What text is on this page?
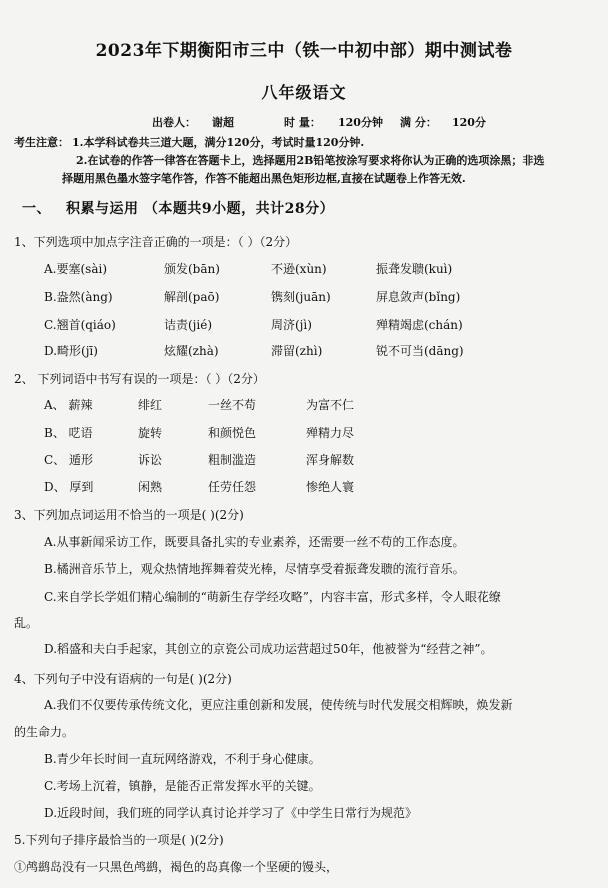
2023年下期衡阳市三中（铁一中初中部）期中测试卷
八年级语文
出卷人： 谢超	时 量： 120分钟 满 分： 120分
考生注意： 1.本学科试卷共三道大题，满分120分，考试时量120分钟.
2.在试卷的作答一律答在答题卡上，选择题用2B铅笔按涂写要求将你认为正确的选项涂黑；非选
择题用黑色墨水签字笔作答，作答不能超出黑色矩形边框,直接在试题卷上作答无效.
一、 积累与运用 （本题共9小题，共计28分）
1、下列选项中加点字注音正确的一项是：（ ）（2分）
A.要塞(sài)	颁发(bān)	不逊(xùn)	振聋发聩(kuì)
B.盎然(àng)	解剖(paō)	镌刻(juān)	屏息敛声(bǐng)
C.翘首(qiáo)	诘责(jié)	周济(jì)	殚精竭虑(chán)
D.畸形(jī)	炫耀(zhà)	滞留(zhì)	锐不可当(dāng)
2、 下列词语中书写有误的一项是：（ ）（2分）
A、 薪辣	绯红	一丝不苟	为富不仁
B、 呓语	旋转	和颜悦色	殚精力尽
C、 遁形	诉讼	粗制滥造	浑身解数
D、 厚到	闲熟	任劳任怨	惨绝人寰
3、下列加点词运用不恰当的一项是( )(2分)
A.从事新闻采访工作，既要具备扎实的专业素养，还需要一丝不苟的工作态度。
B.橘洲音乐节上，观众热情地挥舞着荧光棒，尽情享受着振聋发聩的流行音乐。
C.来自学长学姐们精心编制的“萌新生存学经攻略”，内容丰富，形式多样，令人眼花缭
乱。
D.稻盛和夫白手起家，其创立的京瓷公司成功运营超过50年，他被誉为“经营之神”。
4、下列句子中没有语病的一句是( )(2分)
A.我们不仅要传承传统文化，更应注重创新和发展，使传统与时代发展交相辉映，焕发新
的生命力。
B.青少年长时间一直玩网络游戏，不利于身心健康。
C.考场上沉着，镇静，是能否正常发挥水平的关键。
D.近段时间，我们班的同学认真讨论并学习了《中学生日常行为规范》
5.下列句子排序最恰当的一项是( )(2分)
①鸬鹚岛没有一只黑色鸬鹚，褐色的岛真像一个坚硬的馒头，
